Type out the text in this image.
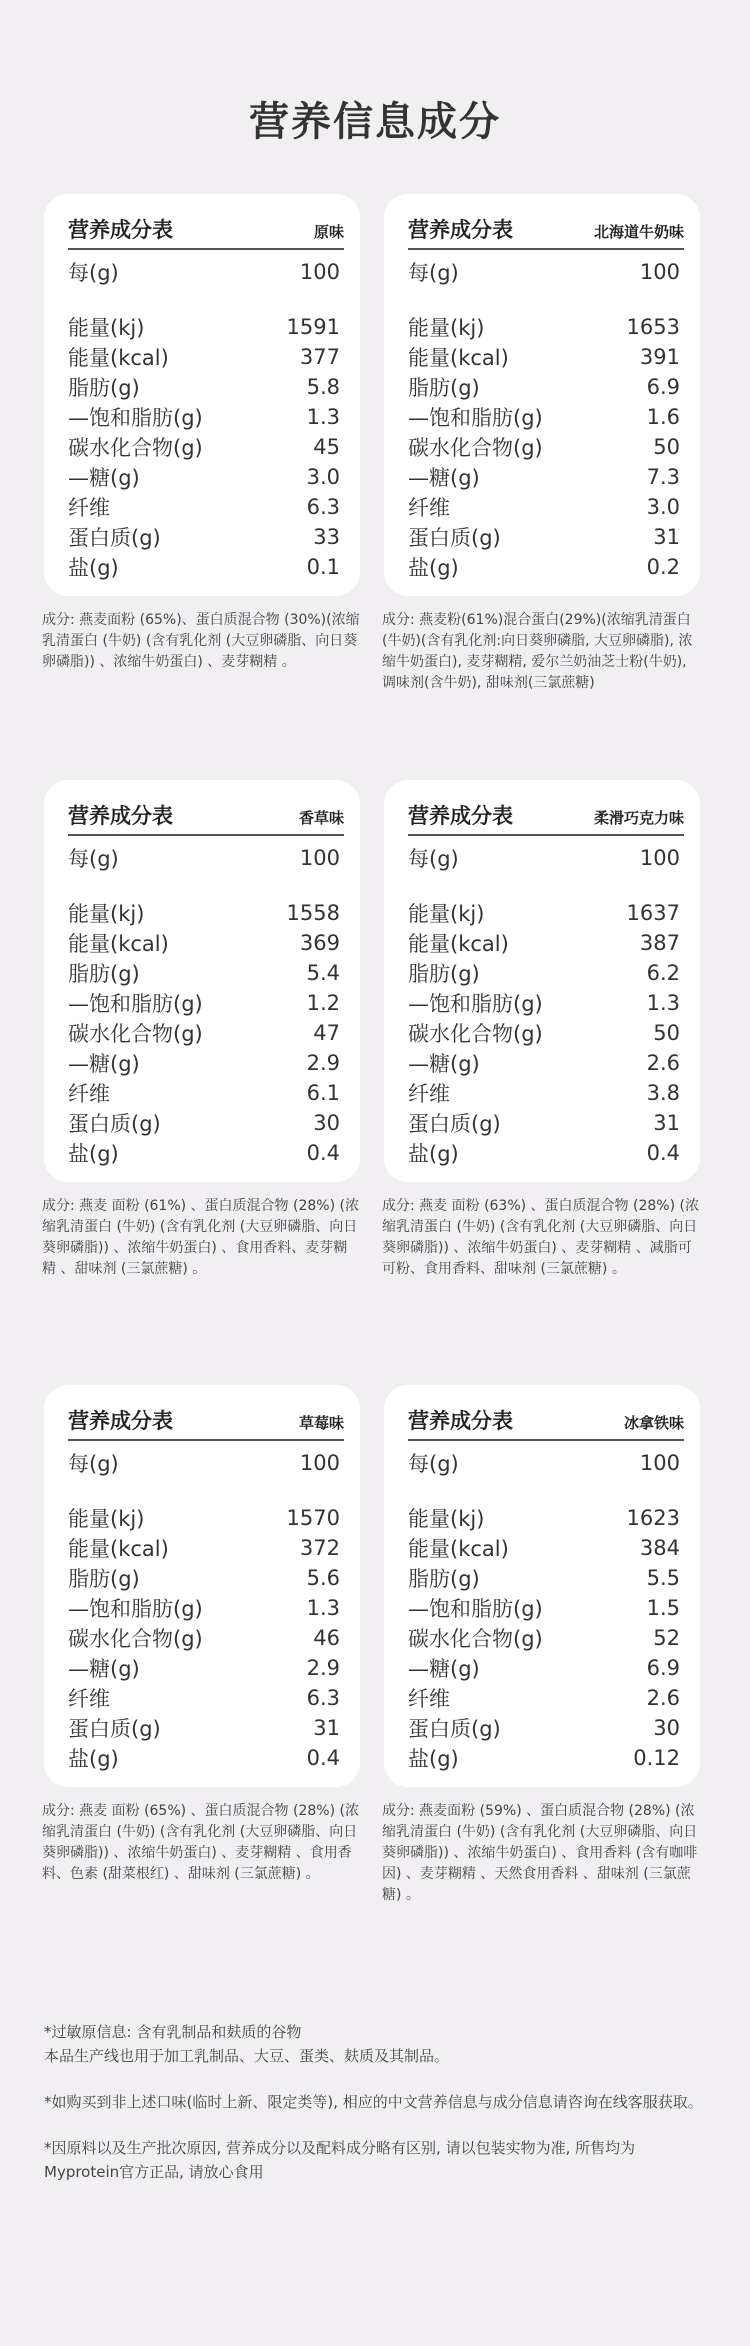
营养信息成分
营养成分表	原味
每(g)	100
能量(kj)	1591
能量(kcal)	377
脂肪(g)	5.8
—饱和脂肪(g)	1.3
碳水化合物(g)	45
—糖(g)	3.0
纤维	6.3
蛋白质(g)	33
盐(g)	0.1
成分: 燕麦面粉 (65%)、蛋白质混合物 (30%)(浓缩乳清蛋白 (牛奶) (含有乳化剂 (大豆卵磷脂、向日葵卵磷脂)) 、浓缩牛奶蛋白) 、麦芽糊精 。
营养成分表	北海道牛奶味
每(g)	100
能量(kj)	1653
能量(kcal)	391
脂肪(g)	6.9
—饱和脂肪(g)	1.6
碳水化合物(g)	50
—糖(g)	7.3
纤维	3.0
蛋白质(g)	31
盐(g)	0.2
成分: 燕麦粉(61%)混合蛋白(29%)(浓缩乳清蛋白(牛奶)(含有乳化剂:向日葵卵磷脂, 大豆卵磷脂), 浓缩牛奶蛋白), 麦芽糊精, 爱尔兰奶油芝士粉(牛奶), 调味剂(含牛奶), 甜味剂(三氯蔗糖)
营养成分表	香草味
每(g)	100
能量(kj)	1558
能量(kcal)	369
脂肪(g)	5.4
—饱和脂肪(g)	1.2
碳水化合物(g)	47
—糖(g)	2.9
纤维	6.1
蛋白质(g)	30
盐(g)	0.4
成分: 燕麦 面粉 (61%) 、蛋白质混合物 (28%) (浓缩乳清蛋白 (牛奶) (含有乳化剂 (大豆卵磷脂、向日葵卵磷脂)) 、浓缩牛奶蛋白) 、食用香料、麦芽糊精 、甜味剂 (三氯蔗糖) 。
营养成分表	柔滑巧克力味
每(g)	100
能量(kj)	1637
能量(kcal)	387
脂肪(g)	6.2
—饱和脂肪(g)	1.3
碳水化合物(g)	50
—糖(g)	2.6
纤维	3.8
蛋白质(g)	31
盐(g)	0.4
成分: 燕麦 面粉 (63%) 、蛋白质混合物 (28%) (浓缩乳清蛋白 (牛奶) (含有乳化剂 (大豆卵磷脂、向日葵卵磷脂)) 、浓缩牛奶蛋白) 、麦芽糊精 、减脂可可粉、食用香料、甜味剂 (三氯蔗糖) 。
营养成分表	草莓味
每(g)	100
能量(kj)	1570
能量(kcal)	372
脂肪(g)	5.6
—饱和脂肪(g)	1.3
碳水化合物(g)	46
—糖(g)	2.9
纤维	6.3
蛋白质(g)	31
盐(g)	0.4
成分: 燕麦 面粉 (65%) 、蛋白质混合物 (28%) (浓缩乳清蛋白 (牛奶) (含有乳化剂 (大豆卵磷脂、向日葵卵磷脂)) 、浓缩牛奶蛋白) 、麦芽糊精 、食用香料、色素 (甜菜根红) 、甜味剂 (三氯蔗糖) 。
营养成分表	冰拿铁味
每(g)	100
能量(kj)	1623
能量(kcal)	384
脂肪(g)	5.5
—饱和脂肪(g)	1.5
碳水化合物(g)	52
—糖(g)	6.9
纤维	2.6
蛋白质(g)	30
盐(g)	0.12
成分: 燕麦面粉 (59%) 、蛋白质混合物 (28%) (浓缩乳清蛋白 (牛奶) (含有乳化剂 (大豆卵磷脂、向日葵卵磷脂)) 、浓缩牛奶蛋白) 、食用香料 (含有咖啡因) 、麦芽糊精 、天然食用香料 、甜味剂 (三氯蔗糖) 。
*过敏原信息: 含有乳制品和麸质的谷物
本品生产线也用于加工乳制品、大豆、蛋类、麸质及其制品。
*如购买到非上述口味(临时上新、限定类等), 相应的中文营养信息与成分信息请咨询在线客服获取。
*因原料以及生产批次原因, 营养成分以及配料成分略有区别, 请以包装实物为准, 所售均为Myprotein官方正品, 请放心食用
